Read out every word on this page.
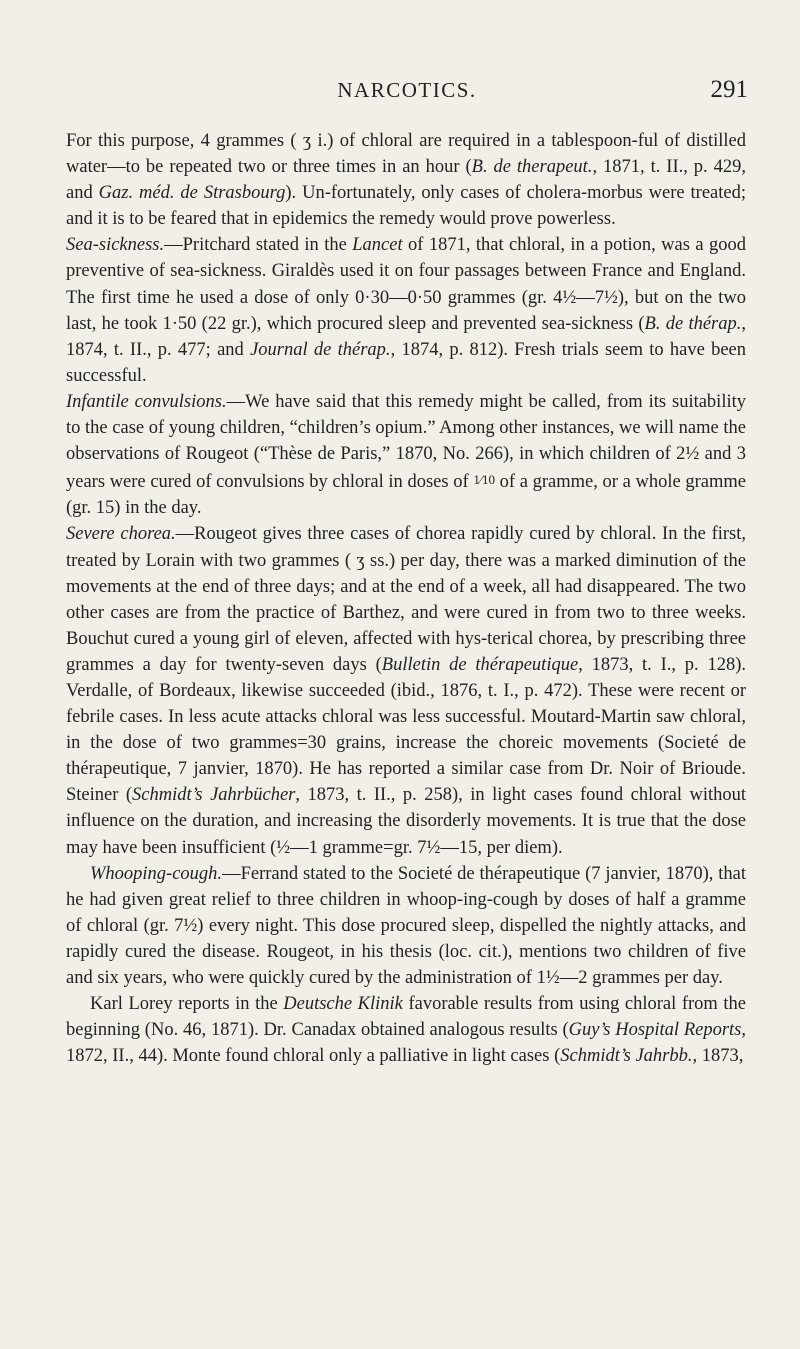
NARCOTICS.	291

For this purpose, 4 grammes ( ʒ i.) of chloral are required in a tablespoon-ful of distilled water—to be repeated two or three times in an hour (B. de therapeut., 1871, t. II., p. 429, and Gaz. méd. de Strasbourg). Un-fortunately, only cases of cholera-morbus were treated; and it is to be feared that in epidemics the remedy would prove powerless.

Sea-sickness.—Pritchard stated in the Lancet of 1871, that chloral, in a potion, was a good preventive of sea-sickness. Giraldès used it on four passages between France and England. The first time he used a dose of only 0·30—0·50 grammes (gr. 4½—7½), but on the two last, he took 1·50 (22 gr.), which procured sleep and prevented sea-sickness (B. de thérap., 1874, t. II., p. 477; and Journal de thérap., 1874, p. 812). Fresh trials seem to have been successful.

Infantile convulsions.—We have said that this remedy might be called, from its suitability to the case of young children, “children’s opium.” Among other instances, we will name the observations of Rougeot (“Thèse de Paris,” 1870, No. 266), in which children of 2½ and 3 years were cured of convulsions by chloral in doses of 1⁄10 of a gramme, or a whole gramme (gr. 15) in the day.

Severe chorea.—Rougeot gives three cases of chorea rapidly cured by chloral. In the first, treated by Lorain with two grammes ( ʒ ss.) per day, there was a marked diminution of the movements at the end of three days; and at the end of a week, all had disappeared. The two other cases are from the practice of Barthez, and were cured in from two to three weeks. Bouchut cured a young girl of eleven, affected with hys-terical chorea, by prescribing three grammes a day for twenty-seven days (Bulletin de thérapeutique, 1873, t. I., p. 128). Verdalle, of Bordeaux, likewise succeeded (ibid., 1876, t. I., p. 472). These were recent or febrile cases. In less acute attacks chloral was less successful. Moutard-Martin saw chloral, in the dose of two grammes=30 grains, increase the choreic movements (Societé de thérapeutique, 7 janvier, 1870). He has reported a similar case from Dr. Noir of Brioude. Steiner (Schmidt’s Jahrbücher, 1873, t. II., p. 258), in light cases found chloral without influence on the duration, and increasing the disorderly movements. It is true that the dose may have been insufficient (½—1 gramme=gr. 7½—15, per diem).

Whooping-cough.—Ferrand stated to the Societé de thérapeutique (7 janvier, 1870), that he had given great relief to three children in whoop-ing-cough by doses of half a gramme of chloral (gr. 7½) every night. This dose procured sleep, dispelled the nightly attacks, and rapidly cured the disease. Rougeot, in his thesis (loc. cit.), mentions two children of five and six years, who were quickly cured by the administration of 1½—2 grammes per day.

Karl Lorey reports in the Deutsche Klinik favorable results from using chloral from the beginning (No. 46, 1871). Dr. Canadax obtained analogous results (Guy’s Hospital Reports, 1872, II., 44). Monte found chloral only a palliative in light cases (Schmidt’s Jahrbb., 1873,
